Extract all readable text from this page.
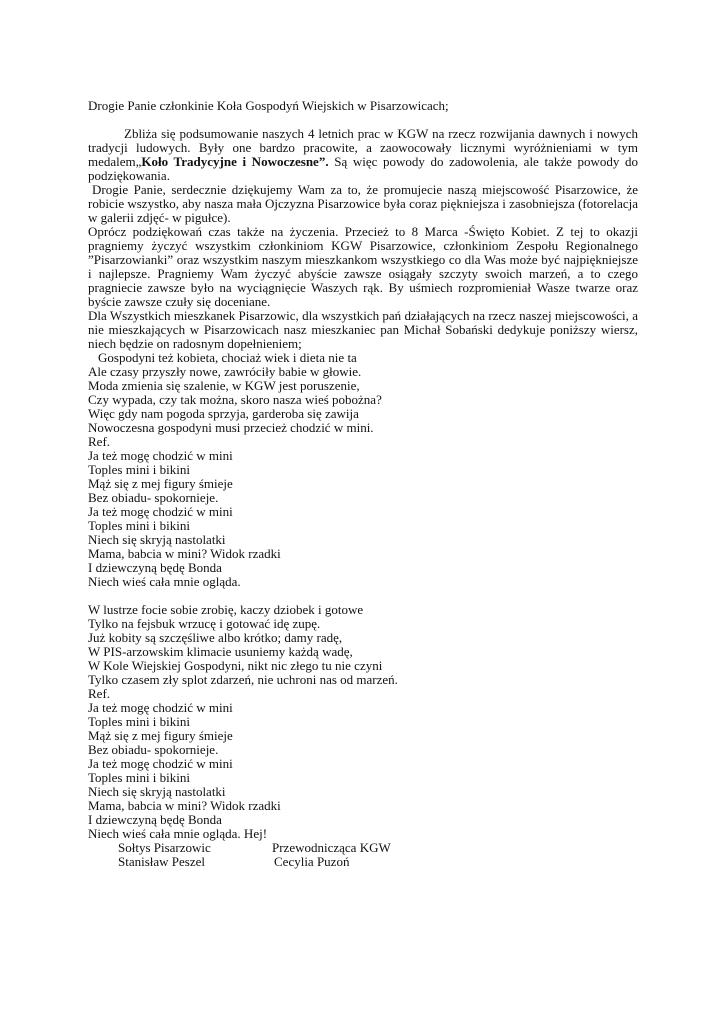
Drogie Panie członkinie Koła Gospodyń Wiejskich w Pisarzowicach;

Zbliża się podsumowanie naszych 4 letnich prac w KGW na rzecz rozwijania dawnych i nowych tradycji ludowych. Były one bardzo pracowite, a zaowocowały licznymi wyróżnieniami w tym medalem„Koło Tradycyjne i Nowoczesne”. Są więc powody do zadowolenia, ale także powody do podziękowania.

Drogie Panie, serdecznie dziękujemy Wam za to, że promujecie naszą miejscowość Pisarzowice, że robicie wszystko, aby nasza mała Ojczyzna Pisarzowice była coraz piękniejsza i zasobniejsza (fotorelacja w galerii zdjęć- w pigułce).

Oprócz podziękowań czas także na życzenia. Przecież to 8 Marca -Święto Kobiet. Z tej to okazji pragniemy życzyć wszystkim członkiniom KGW Pisarzowice, członkiniom Zespołu Regionalnego ”Pisarzowianki” oraz wszystkim naszym mieszkankom wszystkiego co dla Was może być najpiękniejsze i najlepsze. Pragniemy Wam życzyć abyście zawsze osiągały szczyty swoich marzeń, a to czego pragniecie zawsze było na wyciągnięcie Waszych rąk. By uśmiech rozpromieniał Wasze twarze oraz byście zawsze czuły się doceniane.

Dla Wszystkich mieszkanek Pisarzowic, dla wszystkich pań działających na rzecz naszej miejscowości, a nie mieszkających w Pisarzowicach nasz mieszkaniec pan Michał Sobański dedykuje poniższy wiersz, niech będzie on radosnym dopełnieniem;

Gospodyni też kobieta, chociaż wiek i dieta nie ta

Ale czasy przyszły nowe, zawróciły babie w głowie.

Moda zmienia się szalenie, w KGW jest poruszenie,

Czy wypada, czy tak można, skoro nasza wieś pobożna?

Więc gdy nam pogoda sprzyja, garderoba się zawija

Nowoczesna gospodyni musi przecież chodzić w mini.

Ref.

Ja też mogę chodzić w mini

Toples mini i bikini

Mąż się z mej figury śmieje

Bez obiadu- spokornieje.

Ja też mogę chodzić w mini

Toples mini i bikini

Niech się skryją nastolatki

Mama, babcia w mini? Widok rzadki

I dziewczyną będę Bonda

Niech wieś cała mnie ogląda.

W lustrze focie sobie zrobię, kaczy dziobek i gotowe

Tylko na fejsbuk wrzucę i gotować idę zupę.

Już kobity są szczęśliwe albo krótko; damy radę,

W PIS-arzowskim klimacie usuniemy każdą wadę,

W Kole Wiejskiej Gospodyni, nikt nic złego tu nie czyni

Tylko czasem zły splot zdarzeń, nie uchroni nas od marzeń.

Ref.

Ja też mogę chodzić w mini

Toples mini i bikini

Mąż się z mej figury śmieje

Bez obiadu- spokornieje.

Ja też mogę chodzić w mini

Toples mini i bikini

Niech się skryją nastolatki

Mama, babcia w mini? Widok rzadki

I dziewczyną będę Bonda

Niech wieś cała mnie ogląda. Hej!

Sołtys Pisarzowic	Przewodnicząca KGW
Stanisław Peszel	Cecylia Puzoń
